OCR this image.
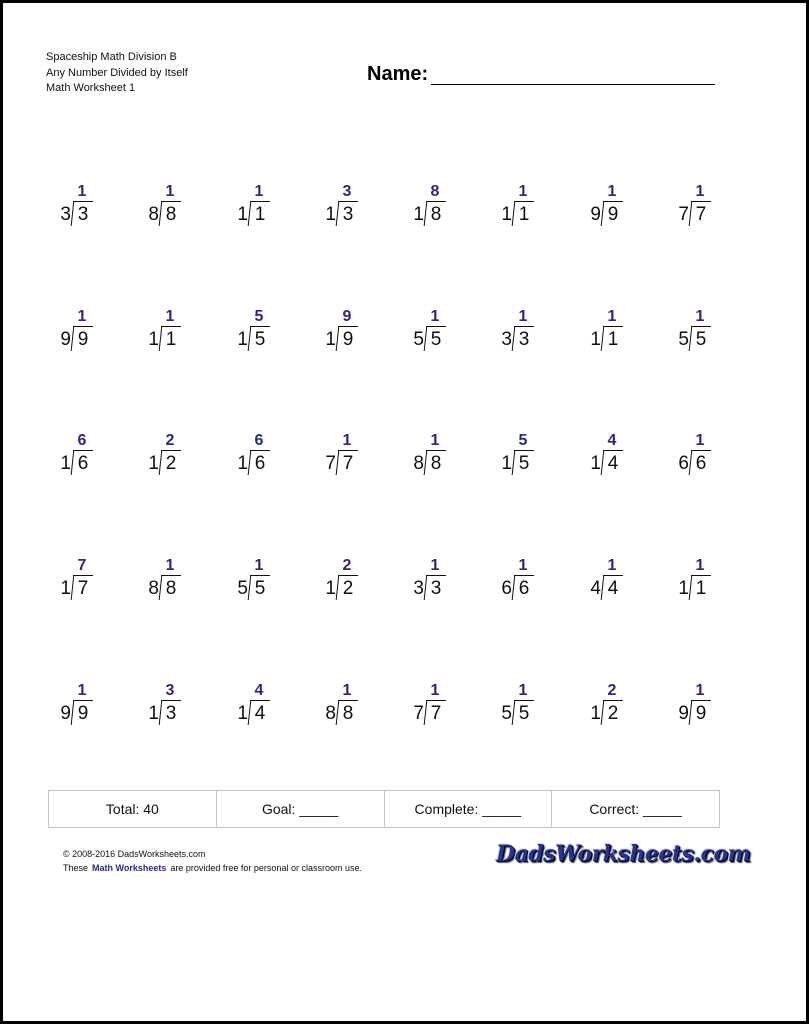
Spaceship Math Division B
Any Number Divided by Itself
Math Worksheet 1
Name:
1
3 3
1
8 8
1
1 1
3
1 3
8
1 8
1
1 1
1
9 9
1
7 7
1
9 9
1
1 1
5
1 5
9
1 9
1
5 5
1
3 3
1
1 1
1
5 5
6
1 6
2
1 2
6
1 6
1
7 7
1
8 8
5
1 5
4
1 4
1
6 6
7
1 7
1
8 8
1
5 5
2
1 2
1
3 3
1
6 6
1
4 4
1
1 1
1
9 9
3
1 3
4
1 4
1
8 8
1
7 7
1
5 5
2
1 2
1
9 9
Total: 40	Goal: _____	Complete: _____	Correct: _____
© 2008-2016 DadsWorksheets.com
These Math Worksheets are provided free for personal or classroom use.
DadsWorksheets.com
